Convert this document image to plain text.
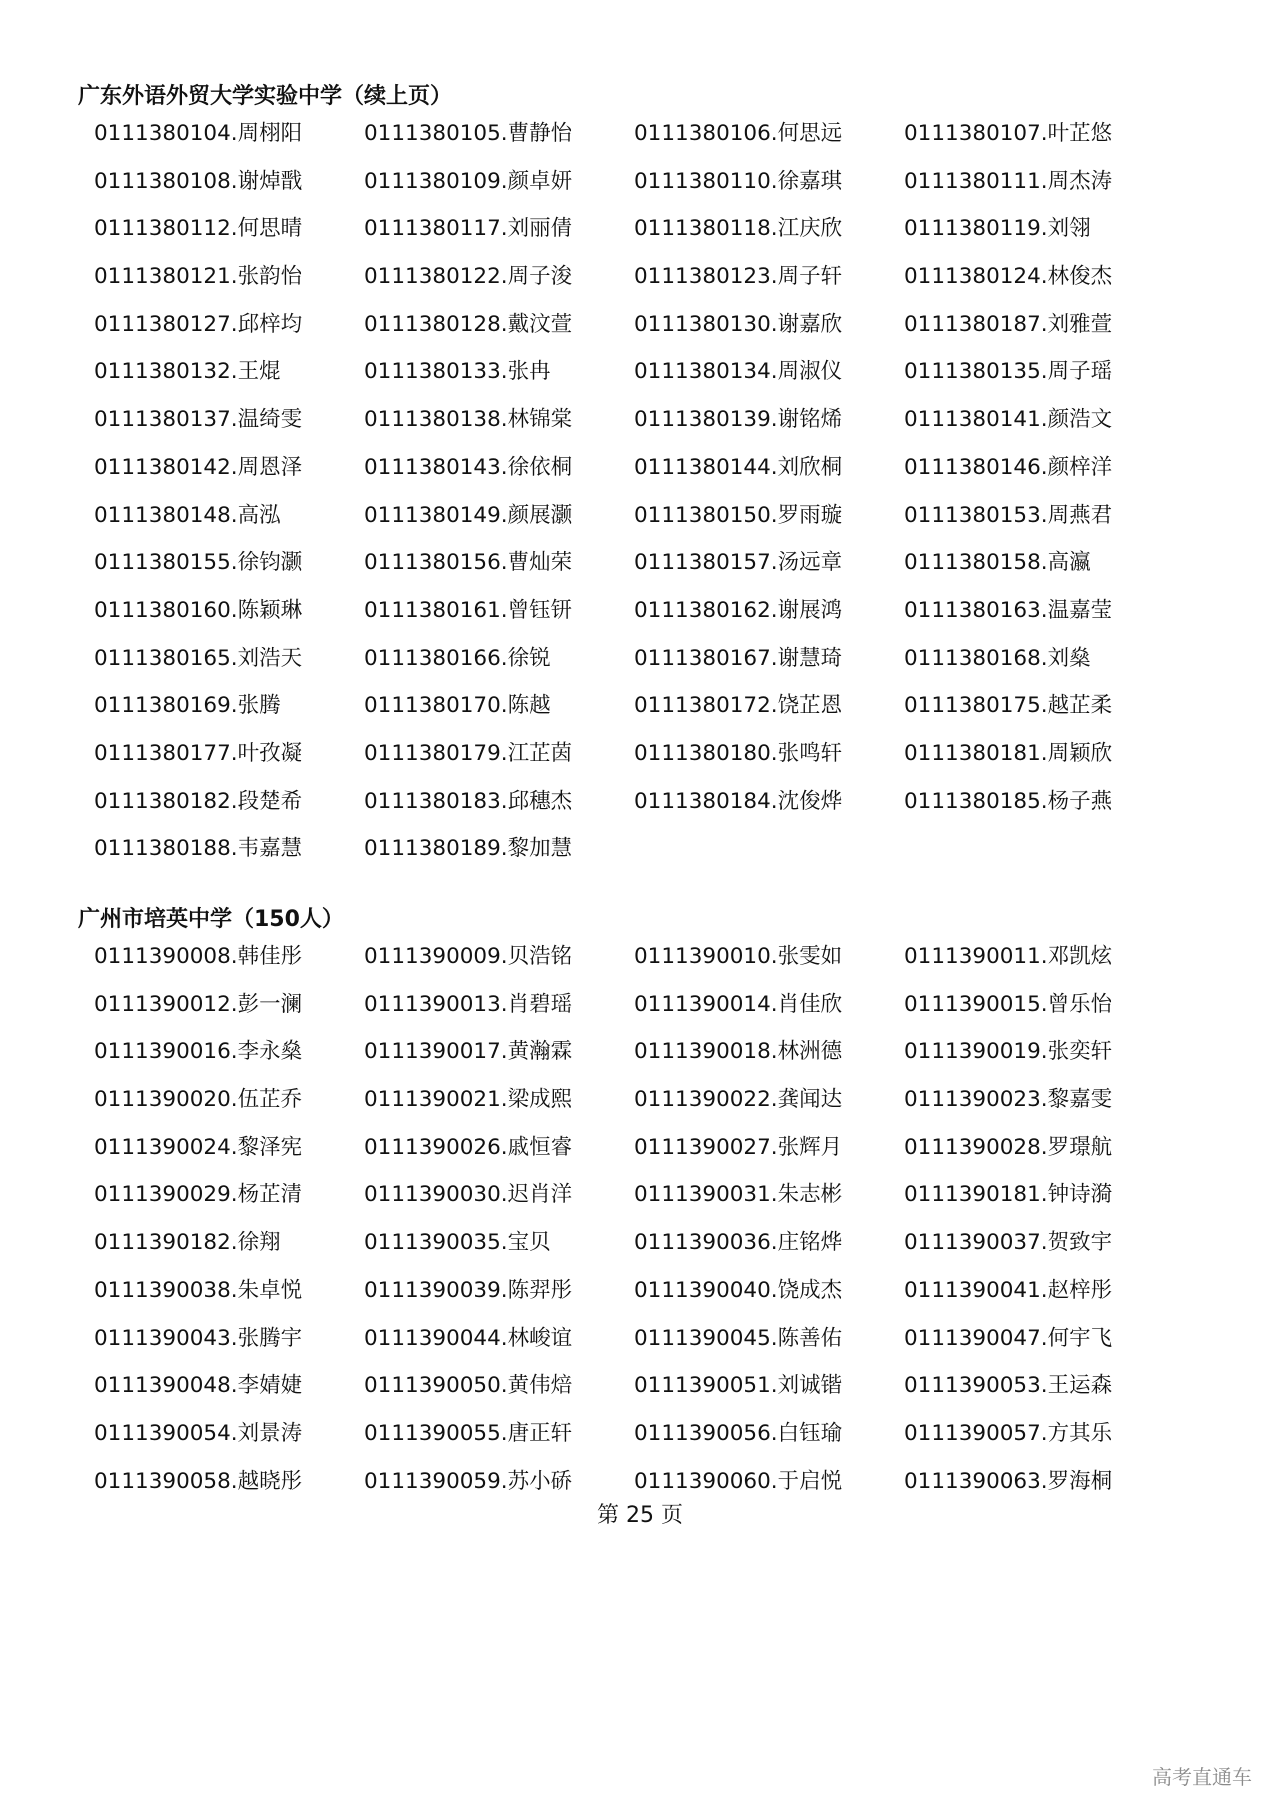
广东外语外贸大学实验中学（续上页）
0111380104.周栩阳	0111380105.曹静怡	0111380106.何思远	0111380107.叶芷悠
0111380108.谢焯戬	0111380109.颜卓妍	0111380110.徐嘉琪	0111380111.周杰涛
0111380112.何思晴	0111380117.刘丽倩	0111380118.江庆欣	0111380119.刘翎
0111380121.张韵怡	0111380122.周子浚	0111380123.周子轩	0111380124.林俊杰
0111380127.邱梓均	0111380128.戴汶萱	0111380130.谢嘉欣	0111380187.刘雅萱
0111380132.王焜	0111380133.张冉	0111380134.周淑仪	0111380135.周子瑶
0111380137.温绮雯	0111380138.林锦棠	0111380139.谢铭烯	0111380141.颜浩文
0111380142.周恩泽	0111380143.徐依桐	0111380144.刘欣桐	0111380146.颜梓洋
0111380148.高泓	0111380149.颜展灏	0111380150.罗雨璇	0111380153.周燕君
0111380155.徐钧灏	0111380156.曹灿荣	0111380157.汤远章	0111380158.高瀛
0111380160.陈颖琳	0111380161.曾钰钘	0111380162.谢展鸿	0111380163.温嘉莹
0111380165.刘浩天	0111380166.徐锐	0111380167.谢慧琦	0111380168.刘燊
0111380169.张腾	0111380170.陈越	0111380172.饶芷恩	0111380175.越芷柔
0111380177.叶孜凝	0111380179.江芷茵	0111380180.张鸣轩	0111380181.周颖欣
0111380182.段楚希	0111380183.邱穗杰	0111380184.沈俊烨	0111380185.杨子燕
0111380188.韦嘉慧	0111380189.黎加慧
广州市培英中学（150人）
0111390008.韩佳彤	0111390009.贝浩铭	0111390010.张雯如	0111390011.邓凯炫
0111390012.彭一澜	0111390013.肖碧瑶	0111390014.肖佳欣	0111390015.曾乐怡
0111390016.李永燊	0111390017.黄瀚霖	0111390018.林洲德	0111390019.张奕轩
0111390020.伍芷乔	0111390021.梁成熙	0111390022.龚闻达	0111390023.黎嘉雯
0111390024.黎泽宪	0111390026.戚恒睿	0111390027.张辉月	0111390028.罗璟航
0111390029.杨芷清	0111390030.迟肖洋	0111390031.朱志彬	0111390181.钟诗漪
0111390182.徐翔	0111390035.宝贝	0111390036.庄铭烨	0111390037.贺致宇
0111390038.朱卓悦	0111390039.陈羿彤	0111390040.饶成杰	0111390041.赵梓彤
0111390043.张腾宇	0111390044.林峻谊	0111390045.陈善佑	0111390047.何宇飞
0111390048.李婧婕	0111390050.黄伟焙	0111390051.刘诚锴	0111390053.王运森
0111390054.刘景涛	0111390055.唐正轩	0111390056.白钰瑜	0111390057.方其乐
0111390058.越晓彤	0111390059.苏小硚	0111390060.于启悦	0111390063.罗海桐
第 25 页
高考直通车
